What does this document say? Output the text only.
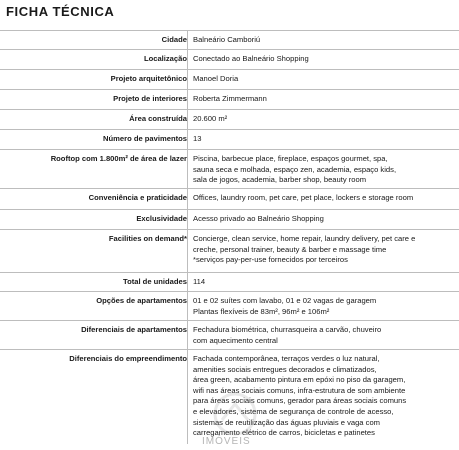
FICHA TÉCNICA
Cidade Balneário Camboriú
Localização Conectado ao Balneário Shopping
Projeto arquitetônico Manoel Doria
Projeto de interiores Roberta Zimmermann
Área construída 20.600 m²
Número de pavimentos 13
Rooftop com 1.800m² de área de lazer Piscina, barbecue place, fireplace, espaços gourmet, spa,
sauna seca e molhada, espaço zen, academia, espaço kids,
sala de jogos, academia, barber shop, beauty room
Conveniência e praticidade Offices, laundry room, pet care, pet place, lockers e storage room
Exclusividade Acesso privado ao Balneário Shopping
Facilities on demand* Concierge, clean service, home repair, laundry delivery, pet care e
creche, personal trainer, beauty & barber e massage time
*serviços pay-per-use fornecidos por terceiros
Total de unidades 114
Opções de apartamentos 01 e 02 suítes com lavabo, 01 e 02 vagas de garagem
Plantas flexíveis de 83m², 96m² e 106m²
Diferenciais de apartamentos Fechadura biométrica, churrasqueira a carvão, chuveiro
com aquecimento central
Diferenciais do empreendimento Fachada contemporânea, terraços verdes o luz natural,
amenities sociais entregues decorados e climatizados,
área green, acabamento pintura em epóxi no piso da garagem,
wifi nas áreas sociais comuns, infra-estrutura de som ambiente
para áreas sociais comuns, gerador para áreas sociais comuns
e elevadores, sistema de segurança de controle de acesso,
sistemas de reutilização das águas pluviais e vaga com
carregamento elétrico de carros, bicicletas e patinetes
IMÓVEIS
